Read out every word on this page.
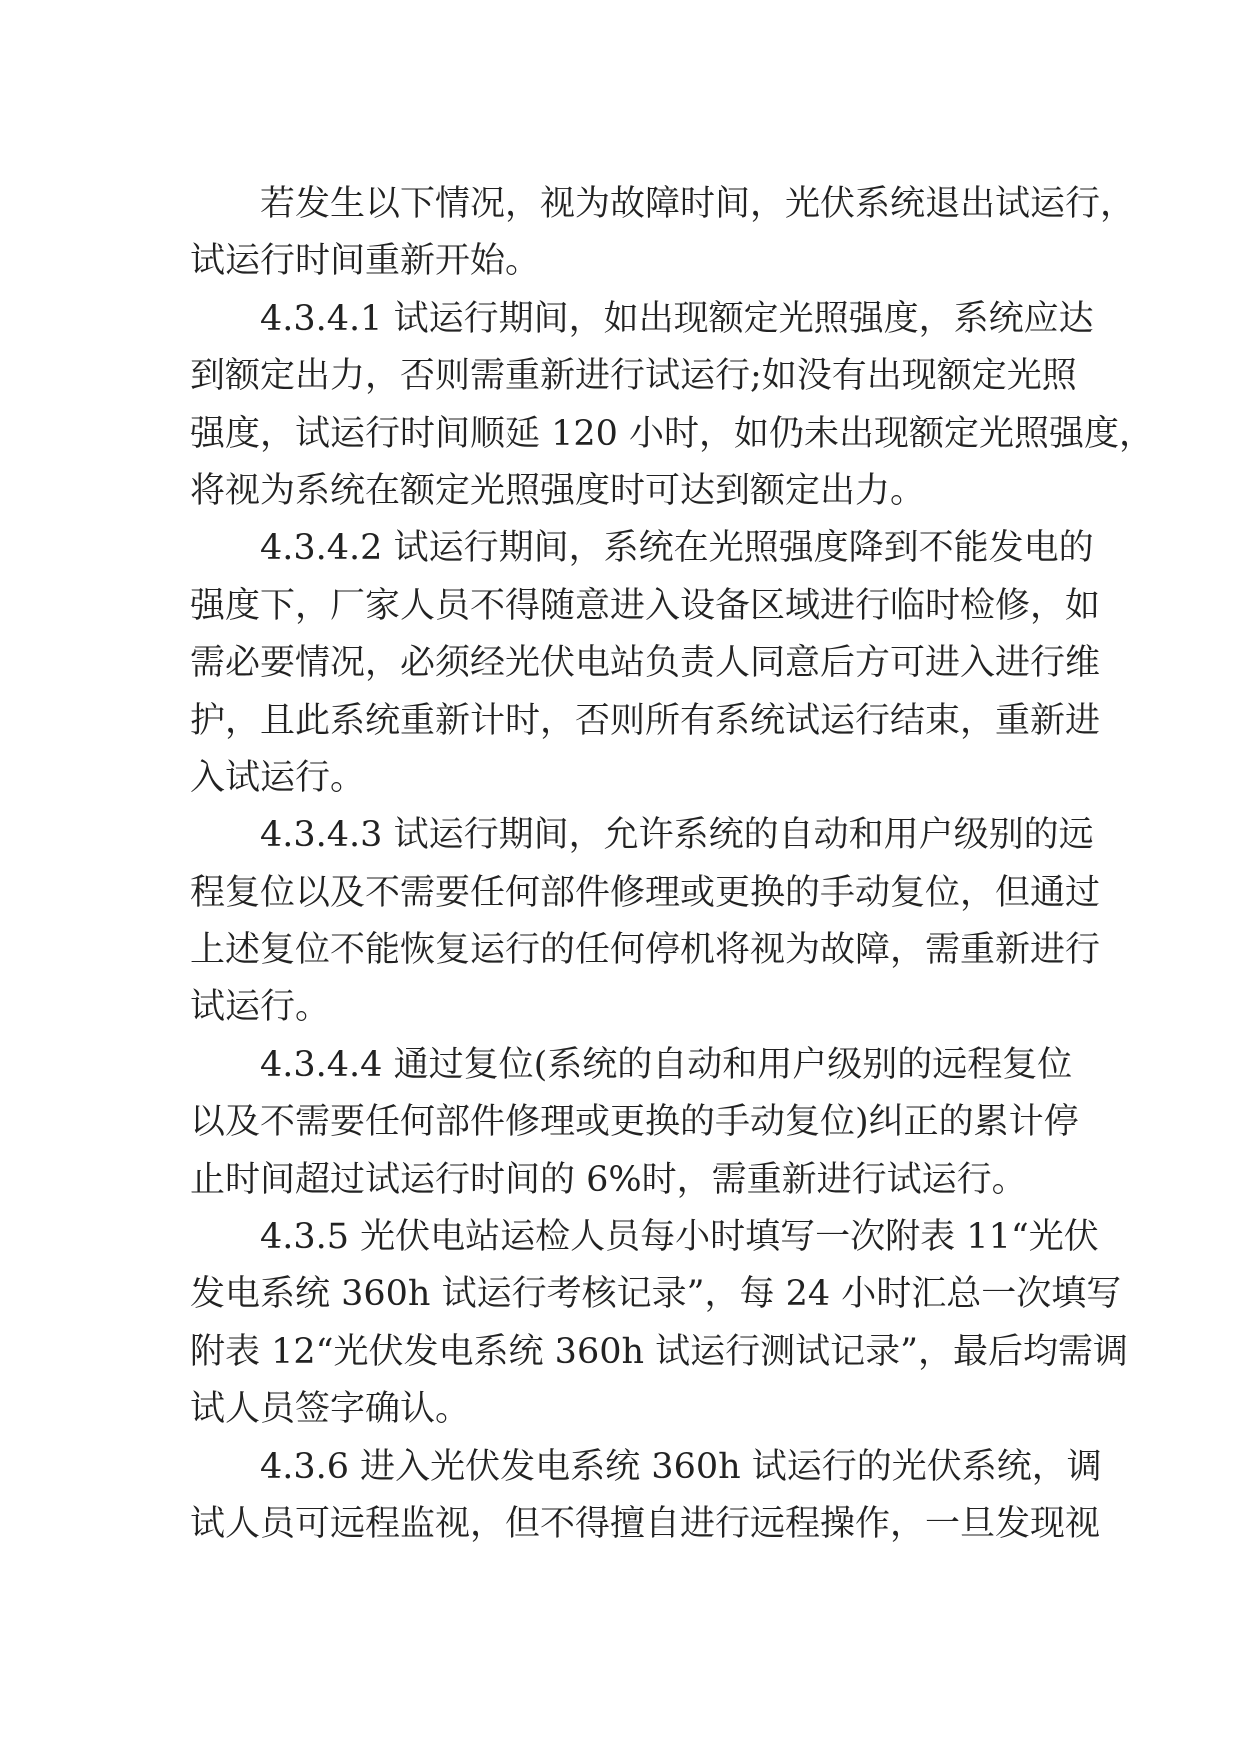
若发生以下情况，视为故障时间，光伏系统退出试运行，
试运行时间重新开始。
4.3.4.1 试运行期间，如出现额定光照强度，系统应达
到额定出力，否则需重新进行试运行;如没有出现额定光照
强度，试运行时间顺延 120 小时，如仍未出现额定光照强度，
将视为系统在额定光照强度时可达到额定出力。
4.3.4.2 试运行期间，系统在光照强度降到不能发电的
强度下，厂家人员不得随意进入设备区域进行临时检修，如
需必要情况，必须经光伏电站负责人同意后方可进入进行维
护，且此系统重新计时，否则所有系统试运行结束，重新进
入试运行。
4.3.4.3 试运行期间，允许系统的自动和用户级别的远
程复位以及不需要任何部件修理或更换的手动复位，但通过
上述复位不能恢复运行的任何停机将视为故障，需重新进行
试运行。
4.3.4.4 通过复位(系统的自动和用户级别的远程复位
以及不需要任何部件修理或更换的手动复位)纠正的累计停
止时间超过试运行时间的 6%时，需重新进行试运行。
4.3.5 光伏电站运检人员每小时填写一次附表 11“光伏
发电系统 360h 试运行考核记录”，每 24 小时汇总一次填写
附表 12“光伏发电系统 360h 试运行测试记录”，最后均需调
试人员签字确认。
4.3.6 进入光伏发电系统 360h 试运行的光伏系统，调
试人员可远程监视，但不得擅自进行远程操作，一旦发现视
